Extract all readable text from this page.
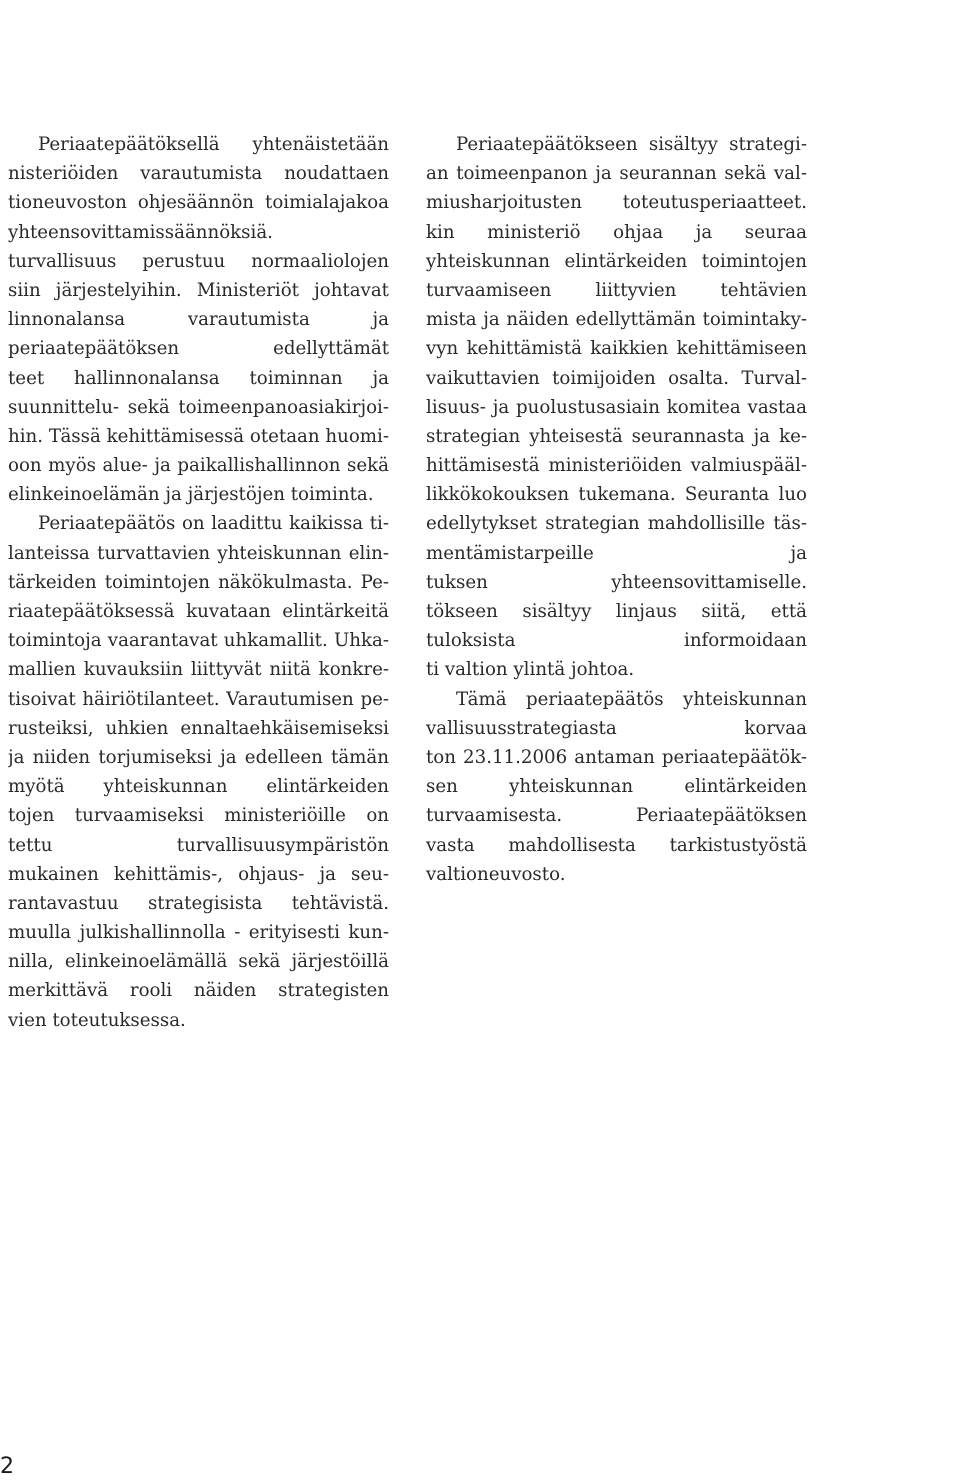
Periaatepäätöksellä yhtenäistetään
nisteriöiden varautumista noudattaen
tioneuvoston ohjesäännön toimialajakoa
yhteensovittamissäännöksiä.
turvallisuus perustuu normaaliolojen
siin järjestelyihin. Ministeriöt johtavat
linnonalansa varautumista ja
periaatepäätöksen edellyttämät
teet hallinnonalansa toiminnan ja
suunnittelu- sekä toimeenpanoasiakirjoi-
hin. Tässä kehittämisessä otetaan huomi-
oon myös alue- ja paikallishallinnon sekä
elinkeinoelämän ja järjestöjen toiminta.
Periaatepäätös on laadittu kaikissa ti-
lanteissa turvattavien yhteiskunnan elin-
tärkeiden toimintojen näkökulmasta. Pe-
riaatepäätöksessä kuvataan elintärkeitä
toimintoja vaarantavat uhkamallit. Uhka-
mallien kuvauksiin liittyvät niitä konkre-
tisoivat häiriötilanteet. Varautumisen pe-
rusteiksi, uhkien ennaltaehkäisemiseksi
ja niiden torjumiseksi ja edelleen tämän
myötä yhteiskunnan elintärkeiden
tojen turvaamiseksi ministeriöille on
tettu turvallisuusympäristön
mukainen kehittämis-, ohjaus- ja seu-
rantavastuu strategisista tehtävistä.
muulla julkishallinnolla - erityisesti kun-
nilla, elinkeinoelämällä sekä järjestöillä
merkittävä rooli näiden strategisten
vien toteutuksessa.
Periaatepäätökseen sisältyy strategi-
an toimeenpanon ja seurannan sekä val-
miusharjoitusten toteutusperiaatteet.
kin ministeriö ohjaa ja seuraa
yhteiskunnan elintärkeiden toimintojen
turvaamiseen liittyvien tehtävien
mista ja näiden edellyttämän toimintaky-
vyn kehittämistä kaikkien kehittämiseen
vaikuttavien toimijoiden osalta. Turval-
lisuus- ja puolustusasiain komitea vastaa
strategian yhteisestä seurannasta ja ke-
hittämisestä ministeriöiden valmiuspääl-
likkökokouksen tukemana. Seuranta luo
edellytykset strategian mahdollisille täs-
mentämistarpeille ja
tuksen yhteensovittamiselle.
tökseen sisältyy linjaus siitä, että
tuloksista informoidaan
ti valtion ylintä johtoa.
Tämä periaatepäätös yhteiskunnan
vallisuusstrategiasta korvaa
ton 23.11.2006 antaman periaatepäätök-
sen yhteiskunnan elintärkeiden
turvaamisesta. Periaatepäätöksen
vasta mahdollisesta tarkistustyöstä
valtioneuvosto.
2
